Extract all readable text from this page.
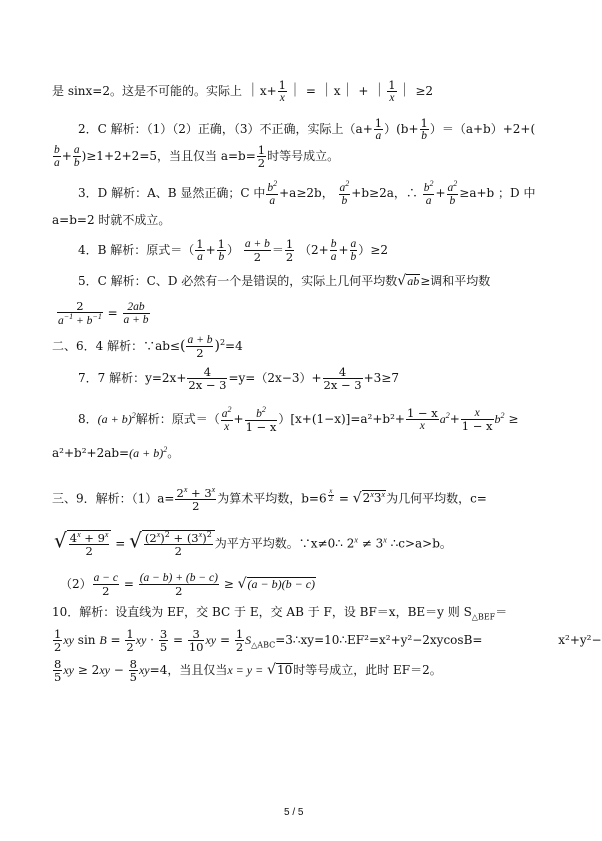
是 sinx=2。这是不可能的。实际上 ｜x+ $\frac{1}{x}$ ｜ = ｜x｜ + ｜ $\frac{1}{x}$ ｜ ≥2
2．C 解析：（1）（2）正确，（3）不正确，实际上$(a+ \frac{1}{a} )(b+ \frac{1}{b} )=(a+b)+2+$(
$\frac{b}{a} + \frac{a}{b} )\ge 1+2+2=5$，当且仅当 $a=b= \frac{1}{2}$ 时等号成立。
3．D 解析：A、B 显然正确；C 中 $\frac{b^2}{a} +a\ge 2b$， $\frac{a^2}{b} +b\ge 2a$，∴ $\frac{b^2}{a} + \frac{a^2}{b} \ge a+b$ ；D 中
a=b=2 时就不成立。
4．B 解析：原式＝（ $\frac{1}{a} + \frac{1}{b}$ ） $\frac{a + b}{2} = \frac{1}{2} (2+ \frac{b}{a} + \frac{a}{b} )\ge 2$
5．C 解析：C、D 必然有一个是错误的，实际上几何平均数√ab≥调和平均数
$\frac{2}{a^{-1} + b^{-1}} = \frac{2ab}{a + b}$
二、6．4 解析：∵ab≤( $\frac{a + b}{2} )^2=4$
7．7 解析：$y=2x+ \frac{4}{2x - 3} =y=(2x-3)+ \frac{4}{2x - 3} +3\ge 7$
8．$(a + b)^2$解析：原式＝（ $\frac{a^2}{x} + \frac{b^2}{1 - x} )[x+(1-x)]=a^2+b^2+ \frac{1 - x}{x} a^2+ \frac{x}{1 - x} b^2$ ≥
$a^2+b^2+2ab=(a + b)^2$。
三、9．解析：$(1)a= \frac{2^x + 3^x}{2}$ 为算术平均数，b=6 $^{\frac{x}{2}} = √2^x3^x$为几何平均数，c=
√ $\frac{4^x + 9^x}{2}$ = √ $\frac{(2^x)^2 + (3^x)^2}{2}$ 为平方平均数。∵x≠0∴ $2^x \ne 3^x$ ∴c>a>b。
$(2) \frac{a - c}{2} = \frac{(a - b) + (b - c)}{2} \ge √(a - b)(b - c)$
10．解析：设直线为 EF，交 BC 于 E，交 AB 于 F，设 BF＝x，BE＝y 则 $S_{\triangle BEF}=$
$\frac{1}{2}$ xy $\sin B = \frac{1}{2}$ xy · $\frac{3}{5} = \frac{3}{10}$ xy = $\frac{1}{2}$ $S_{\triangle ABC}=3\therefore xy=10\therefore EF^2=x^2+y^2-2xycosB=$	x²+y²−
$\frac{8}{5}$ xy ≥ $2xy - \frac{8}{5} xy=4$，当且仅当x = y = √10时等号成立，此时 EF＝2。
5 / 5
